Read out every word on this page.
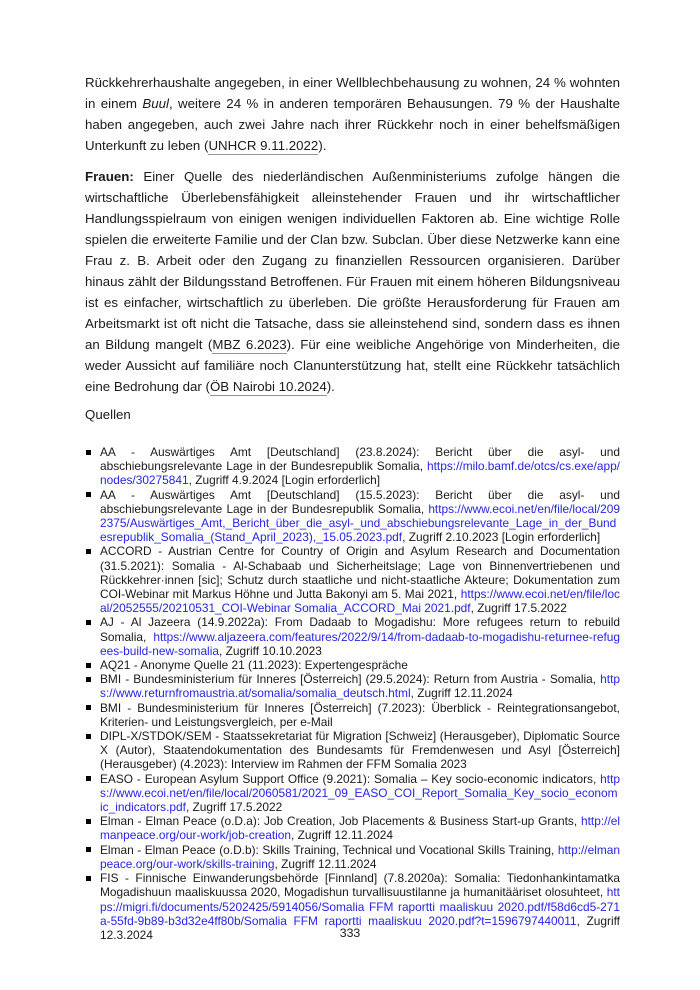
Rückkehrerhaushalte angegeben, in einer Wellblechbehausung zu wohnen, 24 % wohnten in einem Buul, weitere 24 % in anderen temporären Behausungen. 79 % der Haushalte haben angegeben, auch zwei Jahre nach ihrer Rückkehr noch in einer behelfsmäßigen Unterkunft zu leben (UNHCR 9.11.2022).

Frauen: Einer Quelle des niederländischen Außenministeriums zufolge hängen die wirtschaftliche Überlebensfähigkeit alleinstehender Frauen und ihr wirtschaftlicher Handlungsspielraum von einigen wenigen individuellen Faktoren ab. Eine wichtige Rolle spielen die erweiterte Familie und der Clan bzw. Subclan. Über diese Netzwerke kann eine Frau z. B. Arbeit oder den Zugang zu finanziellen Ressourcen organisieren. Darüber hinaus zählt der Bildungsstand Betroffenen. Für Frauen mit einem höheren Bildungsniveau ist es einfacher, wirtschaftlich zu überleben. Die größte Herausforderung für Frauen am Arbeitsmarkt ist oft nicht die Tatsache, dass sie alleinstehend sind, sondern dass es ihnen an Bildung mangelt (MBZ 6.2023). Für eine weibliche Angehörige von Minderheiten, die weder Aussicht auf familiäre noch Clanunterstützung hat, stellt eine Rückkehr tatsächlich eine Bedrohung dar (ÖB Nairobi 10.2024).

Quellen
AA - Auswärtiges Amt [Deutschland] (23.8.2024): Bericht über die asyl- und abschiebungsrelevante Lage in der Bundesrepublik Somalia, https://milo.bamf.de/otcs/cs.exe/app/nodes/30275841, Zugriff 4.9.2024 [Login erforderlich]
AA - Auswärtiges Amt [Deutschland] (15.5.2023): Bericht über die asyl- und abschiebungsrelevante Lage in der Bundesrepublik Somalia, https://www.ecoi.net/en/file/local/2092375/Auswärtiges_Amt,_Bericht_über_die_asyl-_und_abschiebungsrelevante_Lage_in_der_Bundesrepublik_Somalia_(Stand_April_2023),_15.05.2023.pdf, Zugriff 2.10.2023 [Login erforderlich]
ACCORD - Austrian Centre for Country of Origin and Asylum Research and Documentation (31.5.2021): Somalia - Al-Schabaab und Sicherheitslage; Lage von Binnenvertriebenen und Rückkehrer·innen [sic]; Schutz durch staatliche und nicht-staatliche Akteure; Dokumentation zum COI-Webinar mit Markus Höhne und Jutta Bakonyi am 5. Mai 2021, https://www.ecoi.net/en/file/local/2052555/20210531_COI-Webinar Somalia_ACCORD_Mai 2021.pdf, Zugriff 17.5.2022
AJ - Al Jazeera (14.9.2022a): From Dadaab to Mogadishu: More refugees return to rebuild Somalia, https://www.aljazeera.com/features/2022/9/14/from-dadaab-to-mogadishu-returnee-refugees-build-new-somalia, Zugriff 10.10.2023
AQ21 - Anonyme Quelle 21 (11.2023): Expertengespräche
BMI - Bundesministerium für Inneres [Österreich] (29.5.2024): Return from Austria - Somalia, https://www.returnfromaustria.at/somalia/somalia_deutsch.html, Zugriff 12.11.2024
BMI - Bundesministerium für Inneres [Österreich] (7.2023): Überblick - Reintegrationsangebot, Kriterien- und Leistungsvergleich, per e-Mail
DIPL-X/STDOK/SEM - Staatssekretariat für Migration [Schweiz] (Herausgeber), Diplomatic Source X (Autor), Staatendokumentation des Bundesamts für Fremdenwesen und Asyl [Österreich] (Herausgeber) (4.2023): Interview im Rahmen der FFM Somalia 2023
EASO - European Asylum Support Office (9.2021): Somalia – Key socio-economic indicators, https://www.ecoi.net/en/file/local/2060581/2021_09_EASO_COI_Report_Somalia_Key_socio_economic_indicators.pdf, Zugriff 17.5.2022
Elman - Elman Peace (o.D.a): Job Creation, Job Placements & Business Start-up Grants, http://elmanpeace.org/our-work/job-creation, Zugriff 12.11.2024
Elman - Elman Peace (o.D.b): Skills Training, Technical und Vocational Skills Training, http://elmanpeace.org/our-work/skills-training, Zugriff 12.11.2024
FIS - Finnische Einwanderungsbehörde [Finnland] (7.8.2020a): Somalia: Tiedonhankintamatka Mogadishuun maaliskuussa 2020, Mogadishun turvallisuustilanne ja humanitääriset olosuhteet, https://migri.fi/documents/5202425/5914056/Somalia FFM raportti maaliskuu 2020.pdf/f58d6cd5-271a-55fd-9b89-b3d32e4ff80b/Somalia FFM raportti maaliskuu 2020.pdf?t=1596797440011, Zugriff 12.3.2024	333
